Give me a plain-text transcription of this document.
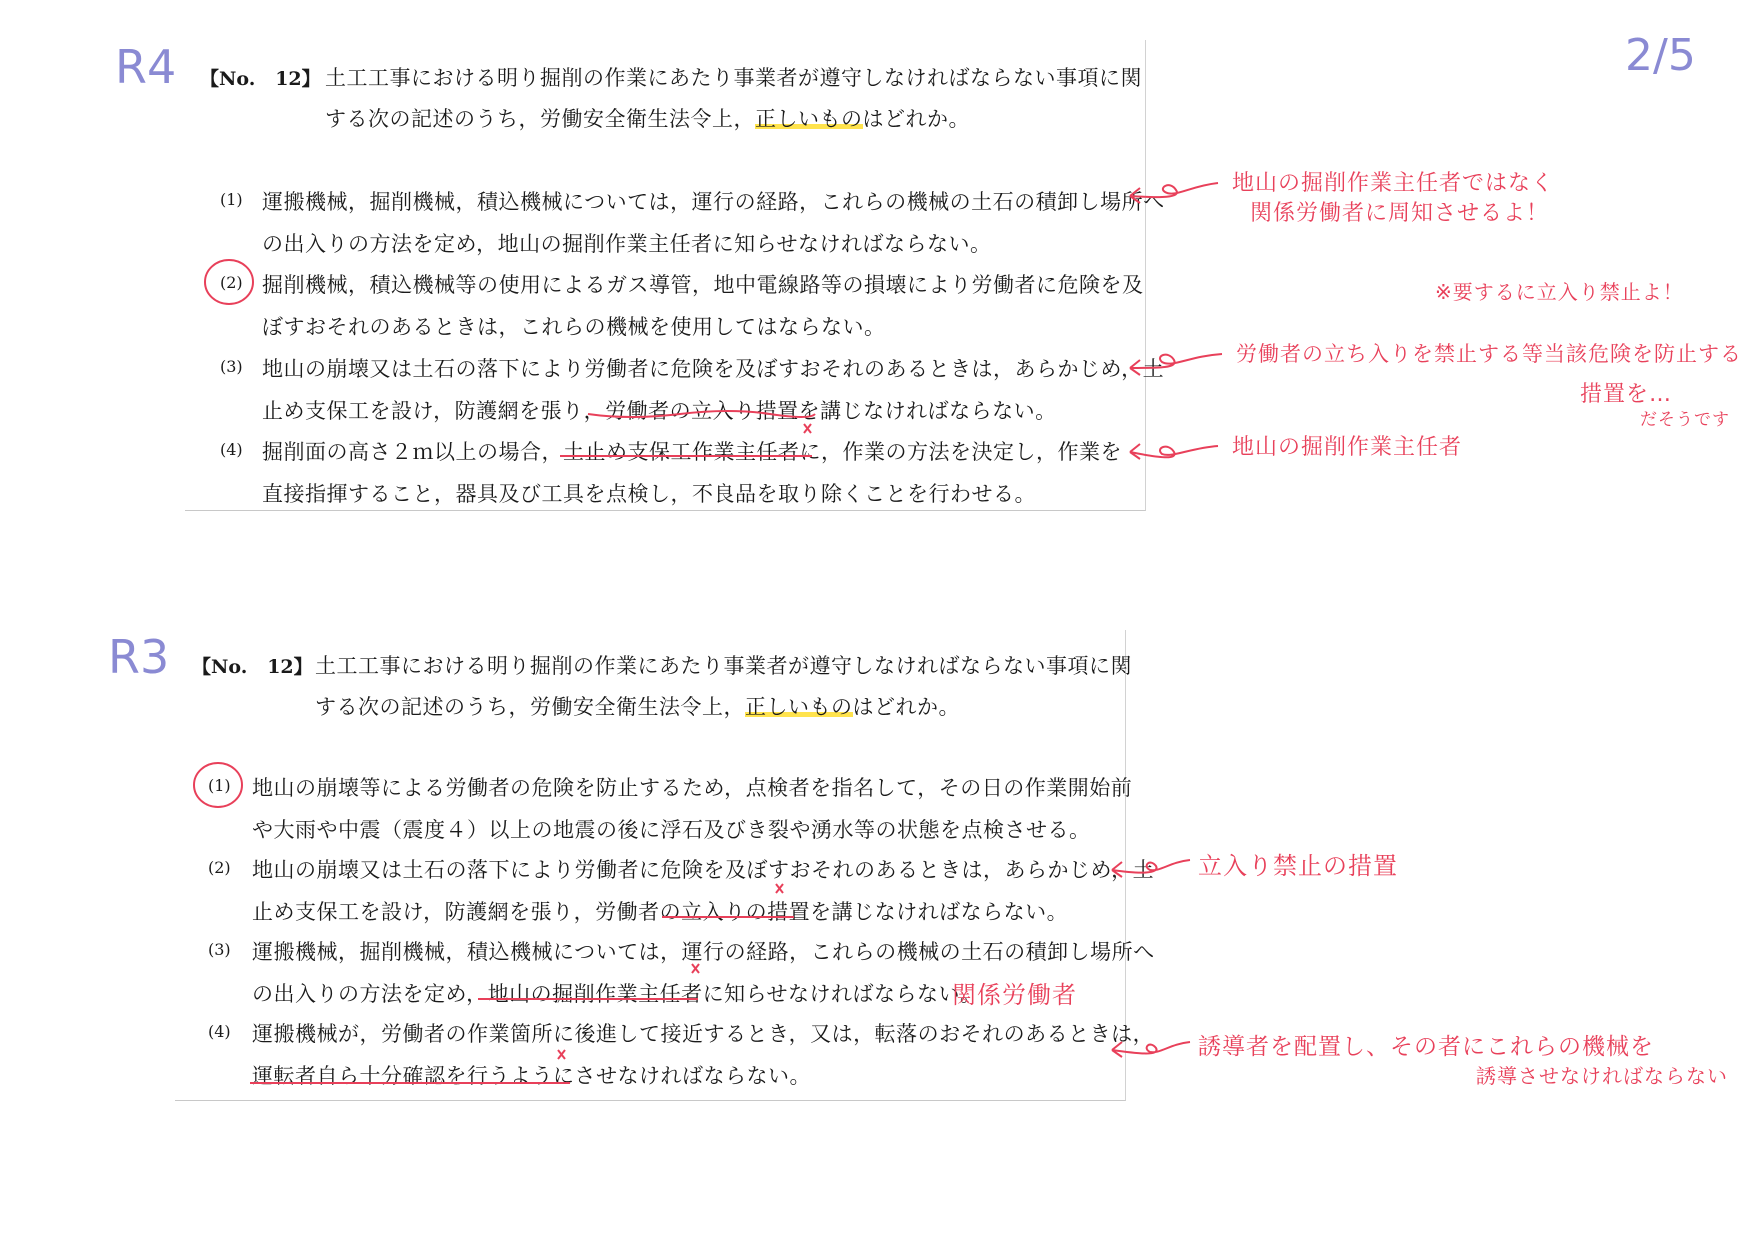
2/5
R4 【No. 12】 土工工事における明り掘削の作業にあたり事業者が遵守しなければならない事項に関
する次の記述のうち，労働安全衛生法令上，正しいものはどれか。
(1) 運搬機械，掘削機械，積込機械については，運行の経路，これらの機械の土石の積卸し場所へ
の出入りの方法を定め，地山の掘削作業主任者に知らせなければならない。
(2) 掘削機械，積込機械等の使用によるガス導管，地中電線路等の損壊により労働者に危険を及
ぼすおそれのあるときは，これらの機械を使用してはならない。
(3) 地山の崩壊又は土石の落下により労働者に危険を及ぼすおそれのあるときは，あらかじめ，土
止め支保工を設け，防護網を張り，労働者の立入り措置を講じなければならない。
(4) 掘削面の高さ２ｍ以上の場合，土止め支保工作業主任者に，作業の方法を決定し，作業を
直接指揮すること，器具及び工具を点検し，不良品を取り除くことを行わせる。
地山の掘削作業主任者ではなく
関係労働者に周知させるよ！
※要するに立入り禁止よ！
労働者の立ち入りを禁止する等当該危険を防止する
措置を…
だそうです
地山の掘削作業主任者
R3 【No. 12】 土工工事における明り掘削の作業にあたり事業者が遵守しなければならない事項に関
する次の記述のうち，労働安全衛生法令上，正しいものはどれか。
(1) 地山の崩壊等による労働者の危険を防止するため，点検者を指名して，その日の作業開始前
や大雨や中震（震度４）以上の地震の後に浮石及びき裂や湧水等の状態を点検させる。
(2) 地山の崩壊又は土石の落下により労働者に危険を及ぼすおそれのあるときは，あらかじめ，土
止め支保工を設け，防護網を張り，労働者の立入りの措置を講じなければならない。
(3) 運搬機械，掘削機械，積込機械については，運行の経路，これらの機械の土石の積卸し場所へ
の出入りの方法を定め，地山の掘削作業主任者に知らせなければならない。
(4) 運搬機械が，労働者の作業箇所に後進して接近するとき，又は，転落のおそれのあるときは，
運転者自ら十分確認を行うようにさせなければならない。
立入り禁止の措置
関係労働者
誘導者を配置し、その者にこれらの機械を
誘導させなければならない
